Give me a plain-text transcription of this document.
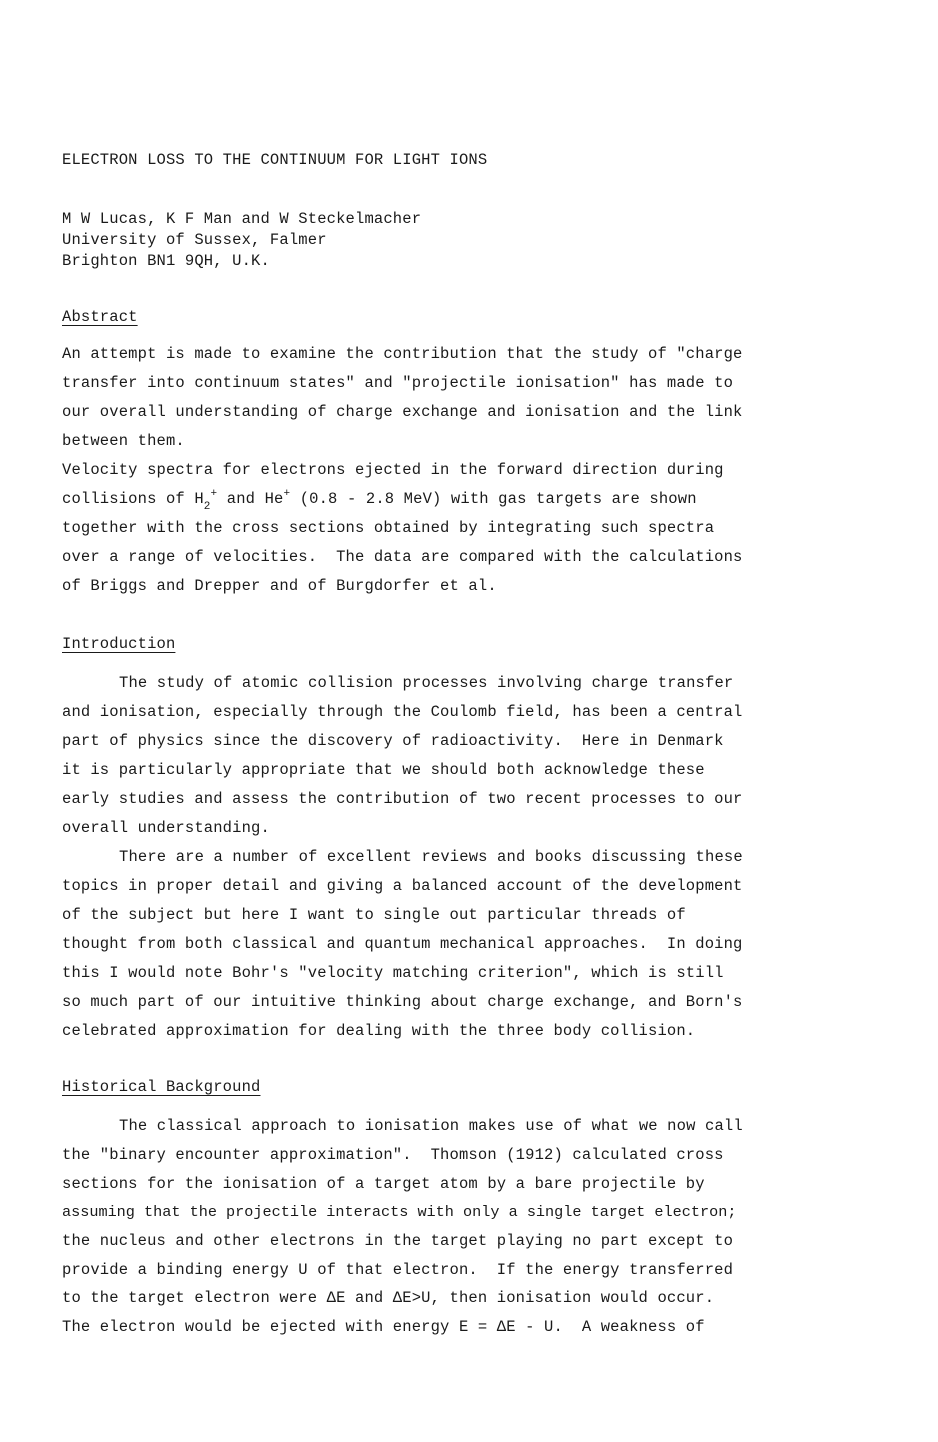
ELECTRON LOSS TO THE CONTINUUM FOR LIGHT IONS

M W Lucas, K F Man and W Steckelmacher

University of Sussex, Falmer

Brighton BN1 9QH, U.K.

Abstract

An attempt is made to examine the contribution that the study of "charge

transfer into continuum states" and "projectile ionisation" has made to

our overall understanding of charge exchange and ionisation and the link

between them.

Velocity spectra for electrons ejected in the forward direction during

collisions of $H_2^+$ and He+ (0.8 - 2.8 MeV) with gas targets are shown

together with the cross sections obtained by integrating such spectra

over a range of velocities.  The data are compared with the calculations

of Briggs and Drepper and of Burgdorfer et al.

Introduction

The study of atomic collision processes involving charge transfer

and ionisation, especially through the Coulomb field, has been a central

part of physics since the discovery of radioactivity.  Here in Denmark

it is particularly appropriate that we should both acknowledge these

early studies and assess the contribution of two recent processes to our

overall understanding.

There are a number of excellent reviews and books discussing these

topics in proper detail and giving a balanced account of the development

of the subject but here I want to single out particular threads of

thought from both classical and quantum mechanical approaches.  In doing

this I would note Bohr's "velocity matching criterion", which is still

so much part of our intuitive thinking about charge exchange, and Born's

celebrated approximation for dealing with the three body collision.

Historical Background

The classical approach to ionisation makes use of what we now call

the "binary encounter approximation".  Thomson (1912) calculated cross

sections for the ionisation of a target atom by a bare projectile by

assuming that the projectile interacts with only a single target electron;

the nucleus and other electrons in the target playing no part except to

provide a binding energy U of that electron.  If the energy transferred

to the target electron were ΔE and ΔE>U, then ionisation would occur.

The electron would be ejected with energy E = ΔE - U.  A weakness of
